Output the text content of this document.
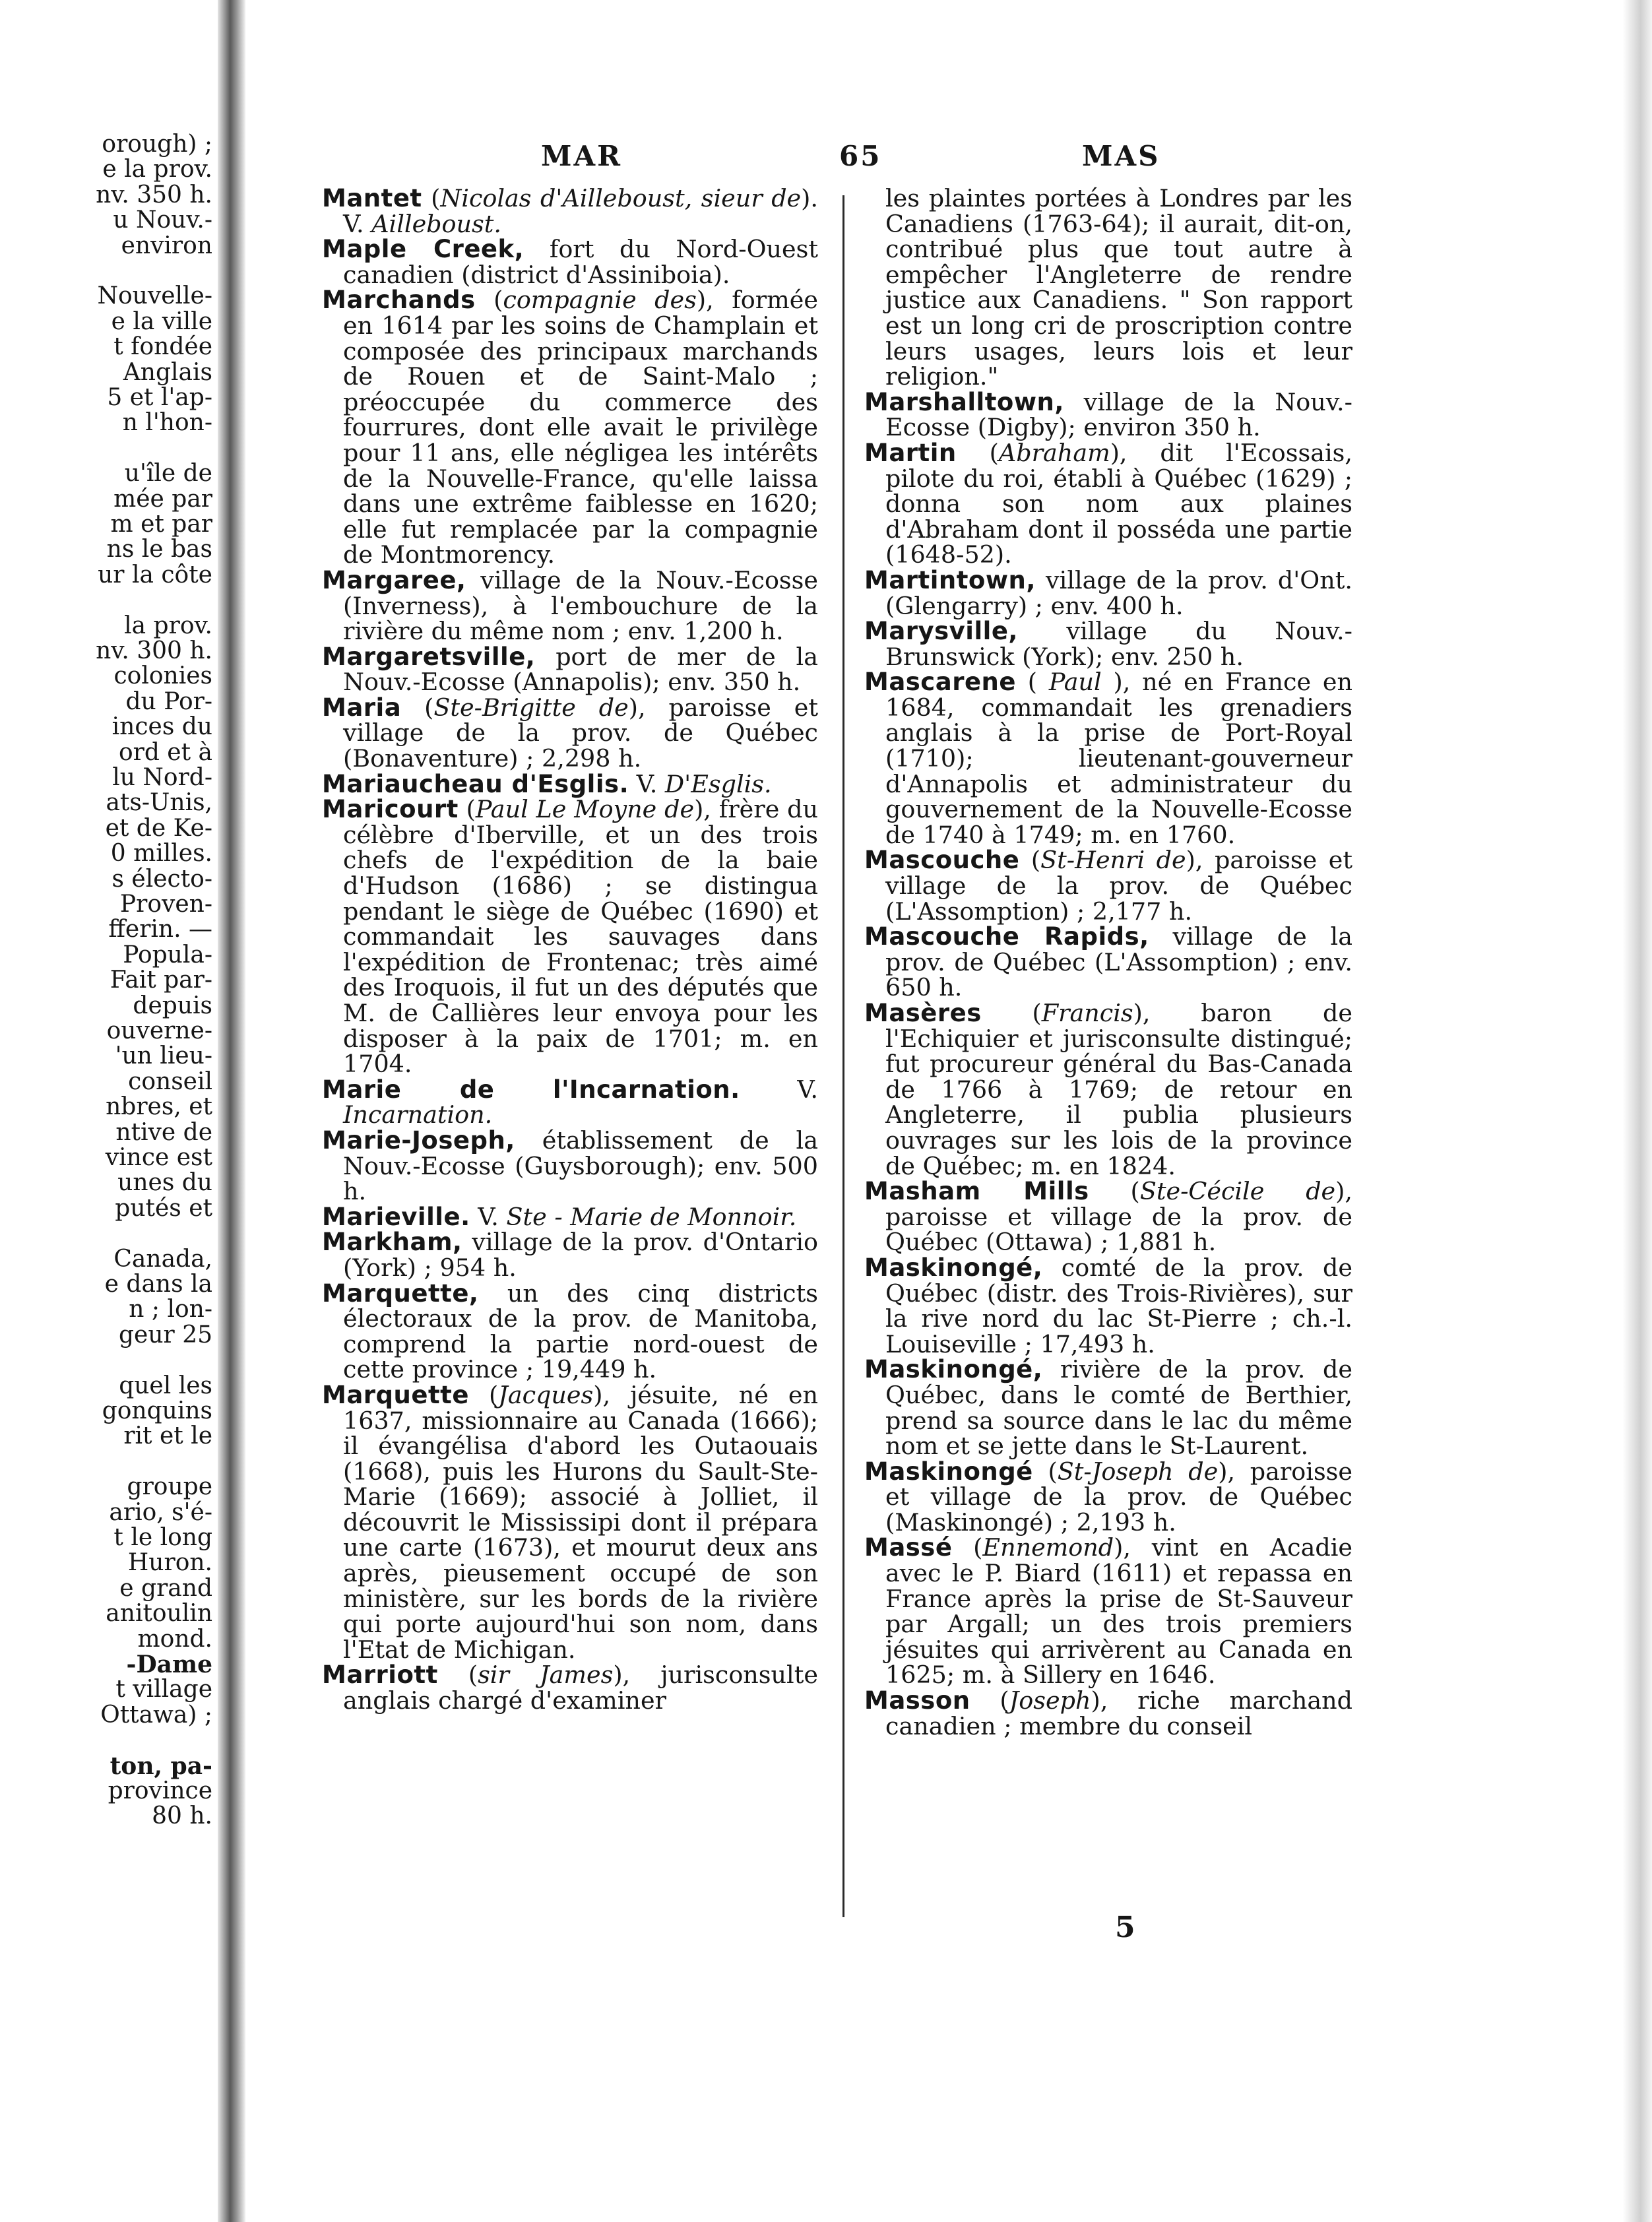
orough) ;
e la prov.
nv. 350 h.
u Nouv.-
environ
Nouvelle-
e la ville
t fondée
Anglais
5 et l'ap-
n l'hon-
u'île de
mée par
m et par
ns le bas
ur la côte
la prov.
nv. 300 h.
colonies
du Por-
inces du
ord et à
lu Nord-
ats-Unis,
et de Ke-
0 milles.
s électo-
Proven-
fferin. —
Popula-
Fait par-
depuis
ouverne-
'un lieu-
conseil
nbres, et
ntive de
vince est
unes du
putés et
Canada,
e dans la
n ; lon-
geur 25
quel les
gonquins
rit et le
groupe
ario, s'é-
t le long
Huron.
e grand
anitoulin
mond.
-Dame
t village
Ottawa) ;
ton, pa-
province
80 h.
MAR	65	MAS

Mantet (Nicolas d'Ailleboust, sieur de). V. Ailleboust.

Maple Creek, fort du Nord-Ouest canadien (district d'Assiniboia).

Marchands (compagnie des), formée en 1614 par les soins de Champlain et composée des principaux marchands de Rouen et de Saint-Malo ; préoccupée du commerce des fourrures, dont elle avait le privilège pour 11 ans, elle négligea les intérêts de la Nouvelle-France, qu'elle laissa dans une extrême faiblesse en 1620; elle fut remplacée par la compagnie de Montmorency.

Margaree, village de la Nouv.-Ecosse (Inverness), à l'embouchure de la rivière du même nom ; env. 1,200 h.

Margaretsville, port de mer de la Nouv.-Ecosse (Annapolis); env. 350 h.

Maria (Ste-Brigitte de), paroisse et village de la prov. de Québec (Bonaventure) ; 2,298 h.

Mariaucheau d'Esglis. V. D'Esglis.

Maricourt (Paul Le Moyne de), frère du célèbre d'Iberville, et un des trois chefs de l'expédition de la baie d'Hudson (1686) ; se distingua pendant le siège de Québec (1690) et commandait les sauvages dans l'expédition de Frontenac; très aimé des Iroquois, il fut un des députés que M. de Callières leur envoya pour les disposer à la paix de 1701; m. en 1704.

Marie de l'Incarnation. V. Incarnation.

Marie-Joseph, établissement de la Nouv.-Ecosse (Guysborough); env. 500 h.

Marieville. V. Ste - Marie de Monnoir.

Markham, village de la prov. d'Ontario (York) ; 954 h.

Marquette, un des cinq districts électoraux de la prov. de Manitoba, comprend la partie nord-ouest de cette province ; 19,449 h.

Marquette (Jacques), jésuite, né en 1637, missionnaire au Canada (1666); il évangélisa d'abord les Outaouais (1668), puis les Hurons du Sault-Ste-Marie (1669); associé à Jolliet, il découvrit le Mississipi dont il prépara une carte (1673), et mourut deux ans après, pieusement occupé de son ministère, sur les bords de la rivière qui porte aujourd'hui son nom, dans l'Etat de Michigan.

Marriott (sir James), jurisconsulte anglais chargé d'examiner

les plaintes portées à Londres par les Canadiens (1763-64); il aurait, dit-on, contribué plus que tout autre à empêcher l'Angleterre de rendre justice aux Canadiens. " Son rapport est un long cri de proscription contre leurs usages, leurs lois et leur religion."

Marshalltown, village de la Nouv.-Ecosse (Digby); environ 350 h.

Martin (Abraham), dit l'Ecossais, pilote du roi, établi à Québec (1629) ; donna son nom aux plaines d'Abraham dont il posséda une partie (1648-52).

Martintown, village de la prov. d'Ont. (Glengarry) ; env. 400 h.

Marysville, village du Nouv.-Brunswick (York); env. 250 h.

Mascarene ( Paul ), né en France en 1684, commandait les grenadiers anglais à la prise de Port-Royal (1710); lieutenant-gouverneur d'Annapolis et administrateur du gouvernement de la Nouvelle-Ecosse de 1740 à 1749; m. en 1760.

Mascouche (St-Henri de), paroisse et village de la prov. de Québec (L'Assomption) ; 2,177 h.

Mascouche Rapids, village de la prov. de Québec (L'Assomption) ; env. 650 h.

Masères (Francis), baron de l'Echiquier et jurisconsulte distingué; fut procureur général du Bas-Canada de 1766 à 1769; de retour en Angleterre, il publia plusieurs ouvrages sur les lois de la province de Québec; m. en 1824.

Masham Mills (Ste-Cécile de), paroisse et village de la prov. de Québec (Ottawa) ; 1,881 h.

Maskinongé, comté de la prov. de Québec (distr. des Trois-Rivières), sur la rive nord du lac St-Pierre ; ch.-l. Louiseville ; 17,493 h.

Maskinongé, rivière de la prov. de Québec, dans le comté de Berthier, prend sa source dans le lac du même nom et se jette dans le St-Laurent.

Maskinongé (St-Joseph de), paroisse et village de la prov. de Québec (Maskinongé) ; 2,193 h.

Massé (Ennemond), vint en Acadie avec le P. Biard (1611) et repassa en France après la prise de St-Sauveur par Argall; un des trois premiers jésuites qui arrivèrent au Canada en 1625; m. à Sillery en 1646.

Masson (Joseph), riche marchand canadien ; membre du conseil

5
